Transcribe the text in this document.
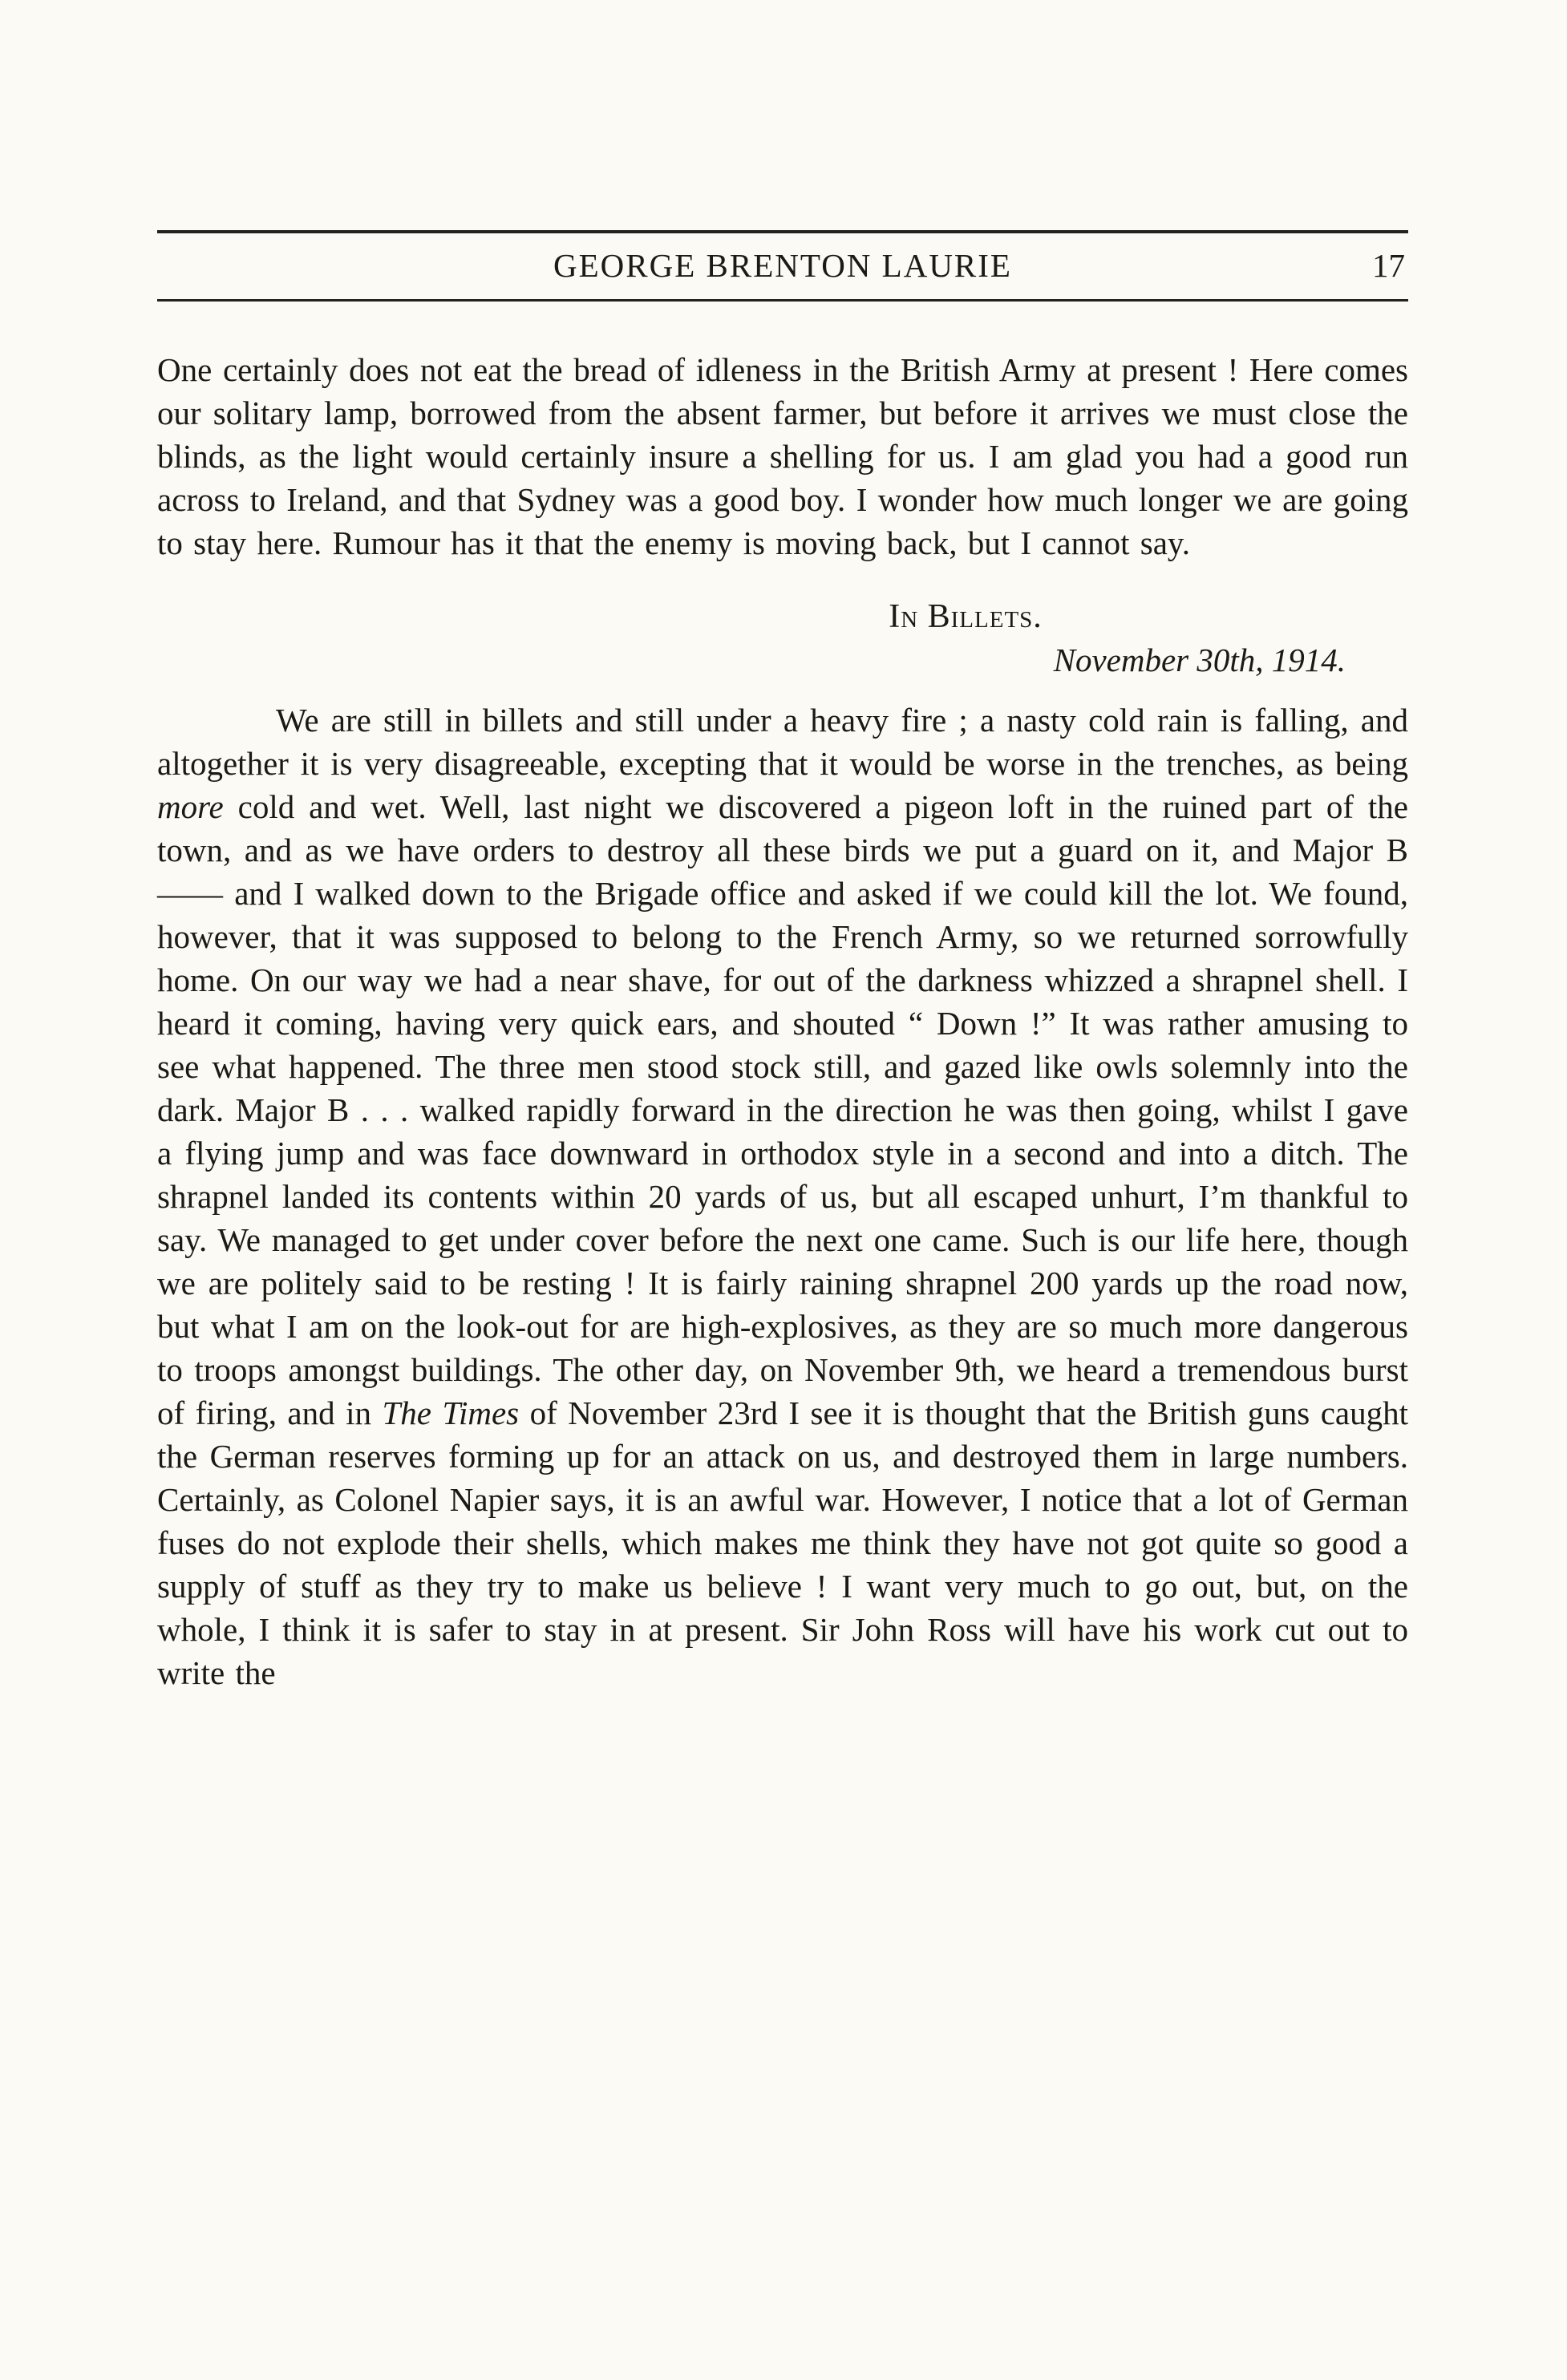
GEORGE BRENTON LAURIE	17

One certainly does not eat the bread of idleness in the British Army at present ! Here comes our solitary lamp, borrowed from the absent farmer, but before it arrives we must close the blinds, as the light would certainly insure a shelling for us. I am glad you had a good run across to Ireland, and that Sydney was a good boy. I wonder how much longer we are going to stay here. Rumour has it that the enemy is moving back, but I cannot say.

In Billets.
November 30th, 1914.

We are still in billets and still under a heavy fire ; a nasty cold rain is falling, and altogether it is very disagreeable, excepting that it would be worse in the trenches, as being more cold and wet. Well, last night we discovered a pigeon loft in the ruined part of the town, and as we have orders to destroy all these birds we put a guard on it, and Major B—— and I walked down to the Brigade office and asked if we could kill the lot. We found, however, that it was supposed to belong to the French Army, so we returned sorrowfully home. On our way we had a near shave, for out of the darkness whizzed a shrapnel shell. I heard it coming, having very quick ears, and shouted “ Down !” It was rather amusing to see what happened. The three men stood stock still, and gazed like owls solemnly into the dark. Major B . . . walked rapidly forward in the direction he was then going, whilst I gave a flying jump and was face downward in orthodox style in a second and into a ditch. The shrapnel landed its contents within 20 yards of us, but all escaped unhurt, I’m thankful to say. We managed to get under cover before the next one came. Such is our life here, though we are politely said to be resting ! It is fairly raining shrapnel 200 yards up the road now, but what I am on the look-out for are high-explosives, as they are so much more dangerous to troops amongst buildings. The other day, on November 9th, we heard a tremendous burst of firing, and in The Times of November 23rd I see it is thought that the British guns caught the German reserves forming up for an attack on us, and destroyed them in large numbers. Certainly, as Colonel Napier says, it is an awful war. However, I notice that a lot of German fuses do not explode their shells, which makes me think they have not got quite so good a supply of stuff as they try to make us believe ! I want very much to go out, but, on the whole, I think it is safer to stay in at present. Sir John Ross will have his work cut out to write the
